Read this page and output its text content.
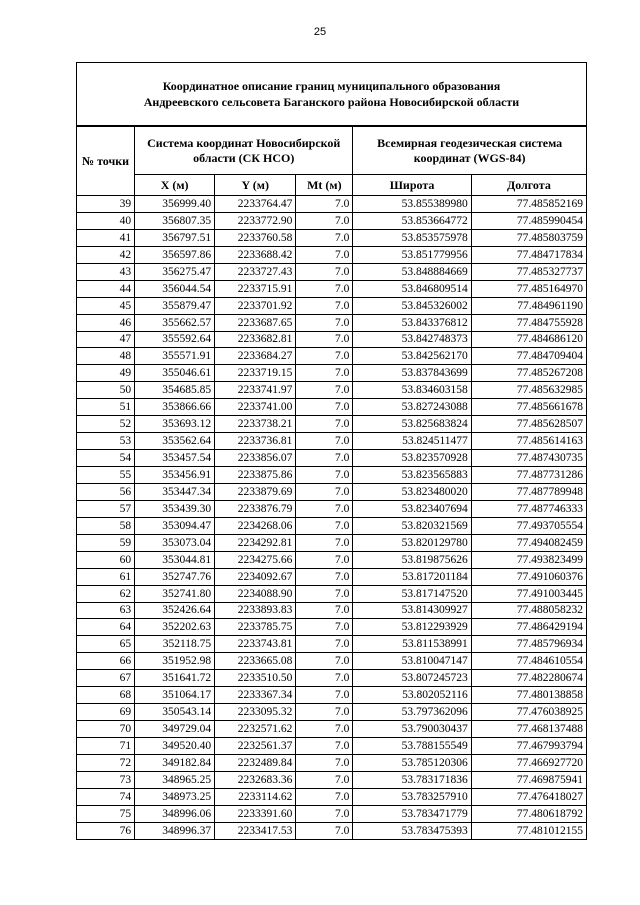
25
Координатное описание границ муниципального образования
Андреевского сельсовета Баганского района Новосибирской области
№ точки	Система координат Новосибирской области (СК НСО)			Всемирная геодезическая система координат (WGS-84)	
	X (м)	Y (м)	Mt (м)	Широта	Долгота
39	356999.40	2233764.47	7.0	53.855389980	77.485852169
40	356807.35	2233772.90	7.0	53.853664772	77.485990454
41	356797.51	2233760.58	7.0	53.853575978	77.485803759
42	356597.86	2233688.42	7.0	53.851779956	77.484717834
43	356275.47	2233727.43	7.0	53.848884669	77.485327737
44	356044.54	2233715.91	7.0	53.846809514	77.485164970
45	355879.47	2233701.92	7.0	53.845326002	77.484961190
46	355662.57	2233687.65	7.0	53.843376812	77.484755928
47	355592.64	2233682.81	7.0	53.842748373	77.484686120
48	355571.91	2233684.27	7.0	53.842562170	77.484709404
49	355046.61	2233719.15	7.0	53.837843699	77.485267208
50	354685.85	2233741.97	7.0	53.834603158	77.485632985
51	353866.66	2233741.00	7.0	53.827243088	77.485661678
52	353693.12	2233738.21	7.0	53.825683824	77.485628507
53	353562.64	2233736.81	7.0	53.824511477	77.485614163
54	353457.54	2233856.07	7.0	53.823570928	77.487430735
55	353456.91	2233875.86	7.0	53.823565883	77.487731286
56	353447.34	2233879.69	7.0	53.823480020	77.487789948
57	353439.30	2233876.79	7.0	53.823407694	77.487746333
58	353094.47	2234268.06	7.0	53.820321569	77.493705554
59	353073.04	2234292.81	7.0	53.820129780	77.494082459
60	353044.81	2234275.66	7.0	53.819875626	77.493823499
61	352747.76	2234092.67	7.0	53.817201184	77.491060376
62	352741.80	2234088.90	7.0	53.817147520	77.491003445
63	352426.64	2233893.83	7.0	53.814309927	77.488058232
64	352202.63	2233785.75	7.0	53.812293929	77.486429194
65	352118.75	2233743.81	7.0	53.811538991	77.485796934
66	351952.98	2233665.08	7.0	53.810047147	77.484610554
67	351641.72	2233510.50	7.0	53.807245723	77.482280674
68	351064.17	2233367.34	7.0	53.802052116	77.480138858
69	350543.14	2233095.32	7.0	53.797362096	77.476038925
70	349729.04	2232571.62	7.0	53.790030437	77.468137488
71	349520.40	2232561.37	7.0	53.788155549	77.467993794
72	349182.84	2232489.84	7.0	53.785120306	77.466927720
73	348965.25	2232683.36	7.0	53.783171836	77.469875941
74	348973.25	2233114.62	7.0	53.783257910	77.476418027
75	348996.06	2233391.60	7.0	53.783471779	77.480618792
76	348996.37	2233417.53	7.0	53.783475393	77.481012155
